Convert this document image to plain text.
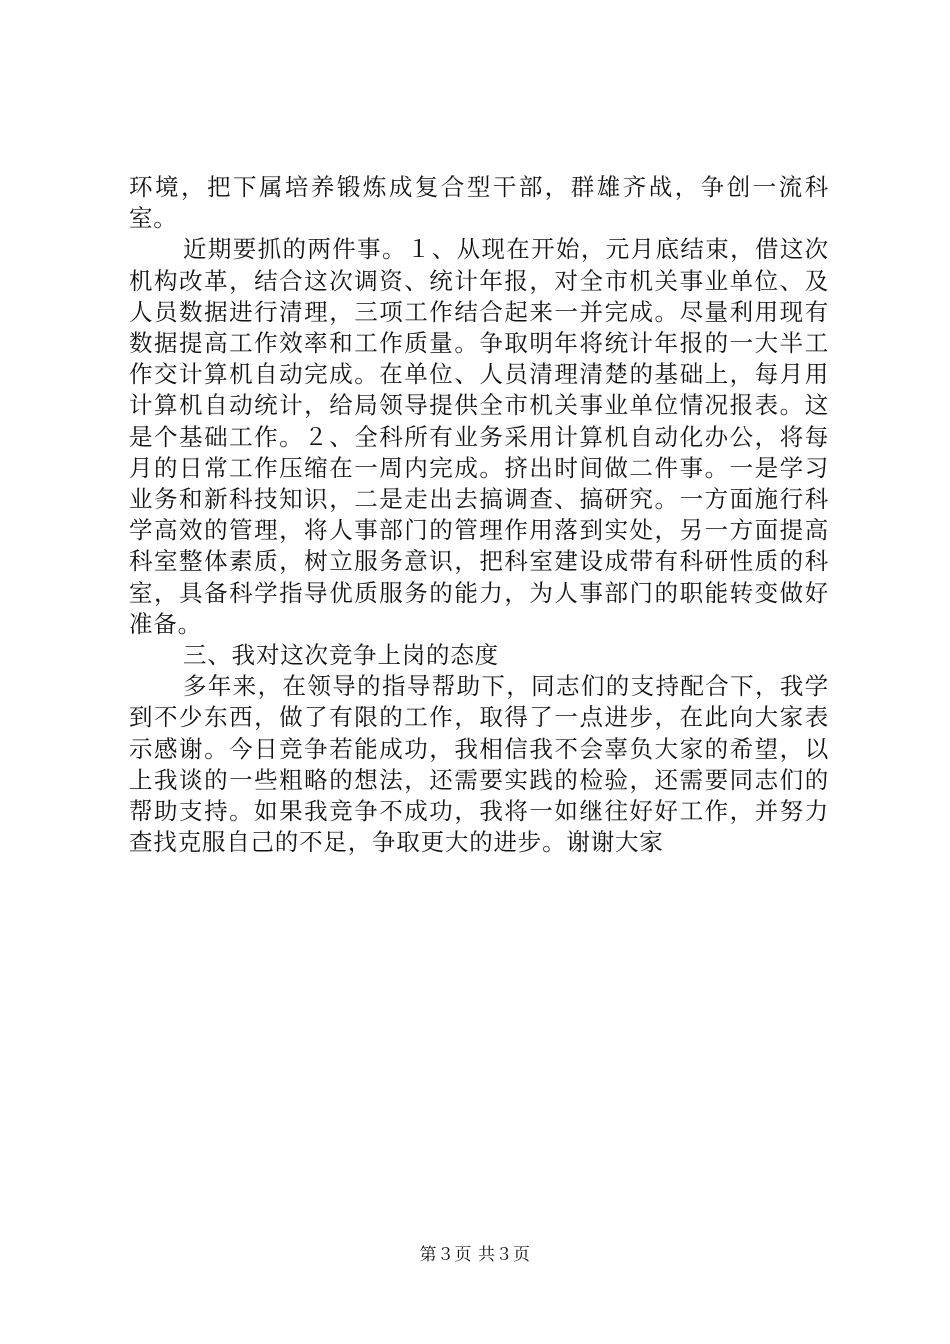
环境，把下属培养锻炼成复合型干部，群雄齐战，争创一流科室。

近期要抓的两件事。１、从现在开始，元月底结束，借这次机构改革，结合这次调资、统计年报，对全市机关事业单位、及人员数据进行清理，三项工作结合起来一并完成。尽量利用现有数据提高工作效率和工作质量。争取明年将统计年报的一大半工作交计算机自动完成。在单位、人员清理清楚的基础上，每月用计算机自动统计，给局领导提供全市机关事业单位情况报表。这是个基础工作。２、全科所有业务采用计算机自动化办公，将每月的日常工作压缩在一周内完成。挤出时间做二件事。一是学习业务和新科技知识，二是走出去搞调查、搞研究。一方面施行科学高效的管理，将人事部门的管理作用落到实处，另一方面提高科室整体素质，树立服务意识，把科室建设成带有科研性质的科室，具备科学指导优质服务的能力，为人事部门的职能转变做好准备。

三、我对这次竞争上岗的态度

多年来，在领导的指导帮助下，同志们的支持配合下，我学到不少东西，做了有限的工作，取得了一点进步，在此向大家表示感谢。今日竞争若能成功，我相信我不会辜负大家的希望，以上我谈的一些粗略的想法，还需要实践的检验，还需要同志们的帮助支持。如果我竞争不成功，我将一如继往好好工作，并努力查找克服自己的不足，争取更大的进步。谢谢大家

第３页 共３页
